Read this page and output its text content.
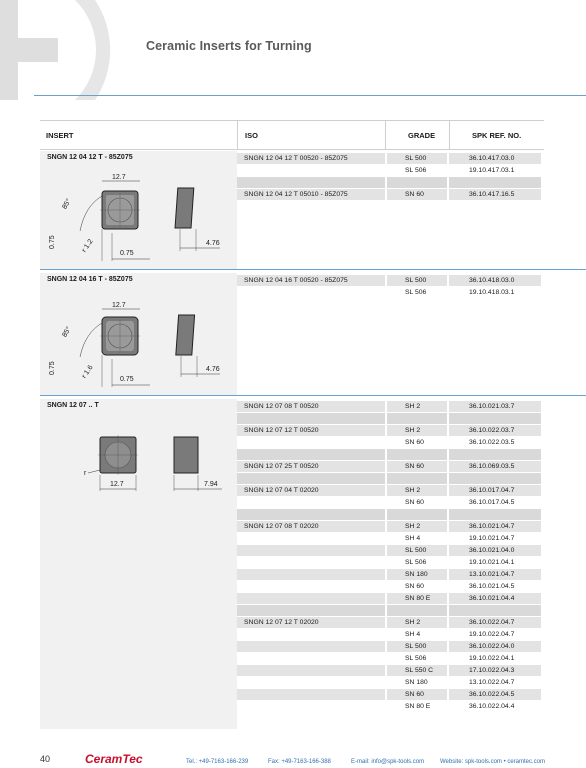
Ceramic Inserts for Turning
INSERT	ISO	GRADE	SPK REF. NO.
SNGN 12 04 12 T - 85Z075
12.7
85°
0.75	r 1.2	0.75
4.76
SNGN 12 04 16 T - 85Z075
12.7
85°
0.75	r 1.6	0.75
4.76
SNGN 12 07 .. T
r
12.7	7.94
SNGN 12 04 12 T 00520 - 85Z075	SL 500	36.10.417.03.0
SL 506	19.10.417.03.1
SNGN 12 04 12 T 05010 - 85Z075	SN 60	36.10.417.16.5
SNGN 12 04 16 T 00520 - 85Z075	SL 500	36.10.418.03.0
SL 506	19.10.418.03.1
SNGN 12 07 08 T 00520	SH 2	36.10.021.03.7
SNGN 12 07 12 T 00520	SH 2	36.10.022.03.7
SN 60	36.10.022.03.5
SNGN 12 07 25 T 00520	SN 60	36.10.069.03.5
SNGN 12 07 04 T 02020	SH 2	36.10.017.04.7
SN 60	36.10.017.04.5
SNGN 12 07 08 T 02020	SH 2	36.10.021.04.7
SH 4	19.10.021.04.7
SL 500	36.10.021.04.0
SL 506	19.10.021.04.1
SN 180	13.10.021.04.7
SN 60	36.10.021.04.5
SN 80 E	36.10.021.04.4
SNGN 12 07 12 T 02020	SH 2	36.10.022.04.7
SH 4	19.10.022.04.7
SL 500	36.10.022.04.0
SL 506	19.10.022.04.1
SL 550 C	17.10.022.04.3
SN 180	13.10.022.04.7
SN 60	36.10.022.04.5
SN 80 E	36.10.022.04.4
40	CeramTec	Tel.: +49-7163-166-239	Fax: +49-7163-166-388	E-mail: info@spk-tools.com	Website: spk-tools.com • ceramtec.com
